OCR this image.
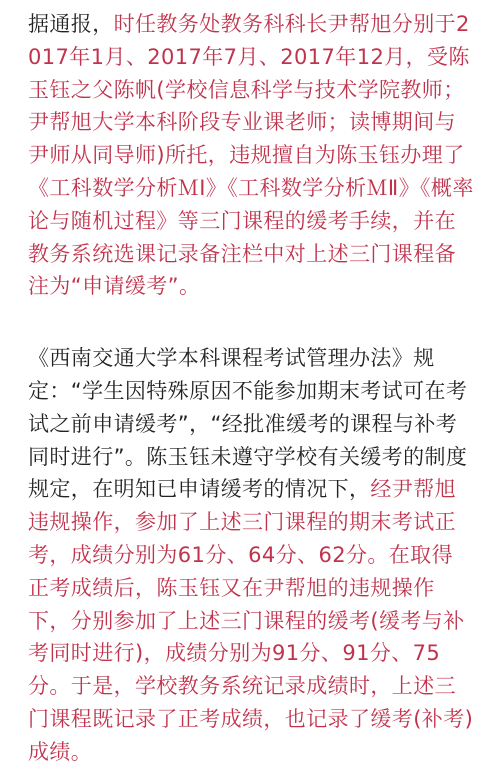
据通报，时任教务处教务科科长尹帮旭分别于2017年1月、2017年7月、2017年12月，受陈玉钰之父陈帆(学校信息科学与技术学院教师；尹帮旭大学本科阶段专业课老师；读博期间与尹师从同导师)所托，违规擅自为陈玉钰办理了《工科数学分析ＭⅠ》《工科数学分析ＭⅡ》《概率论与随机过程》等三门课程的缓考手续，并在教务系统选课记录备注栏中对上述三门课程备注为“申请缓考”。

《西南交通大学本科课程考试管理办法》规定：“学生因特殊原因不能参加期末考试可在考试之前申请缓考”，“经批准缓考的课程与补考同时进行”。陈玉钰未遵守学校有关缓考的制度规定，在明知已申请缓考的情况下，经尹帮旭违规操作，参加了上述三门课程的期末考试正考，成绩分别为61分、64分、62分。在取得正考成绩后，陈玉钰又在尹帮旭的违规操作下，分别参加了上述三门课程的缓考(缓考与补考同时进行)，成绩分别为91分、91分、75分。于是，学校教务系统记录成绩时，上述三门课程既记录了正考成绩，也记录了缓考(补考)成绩。
